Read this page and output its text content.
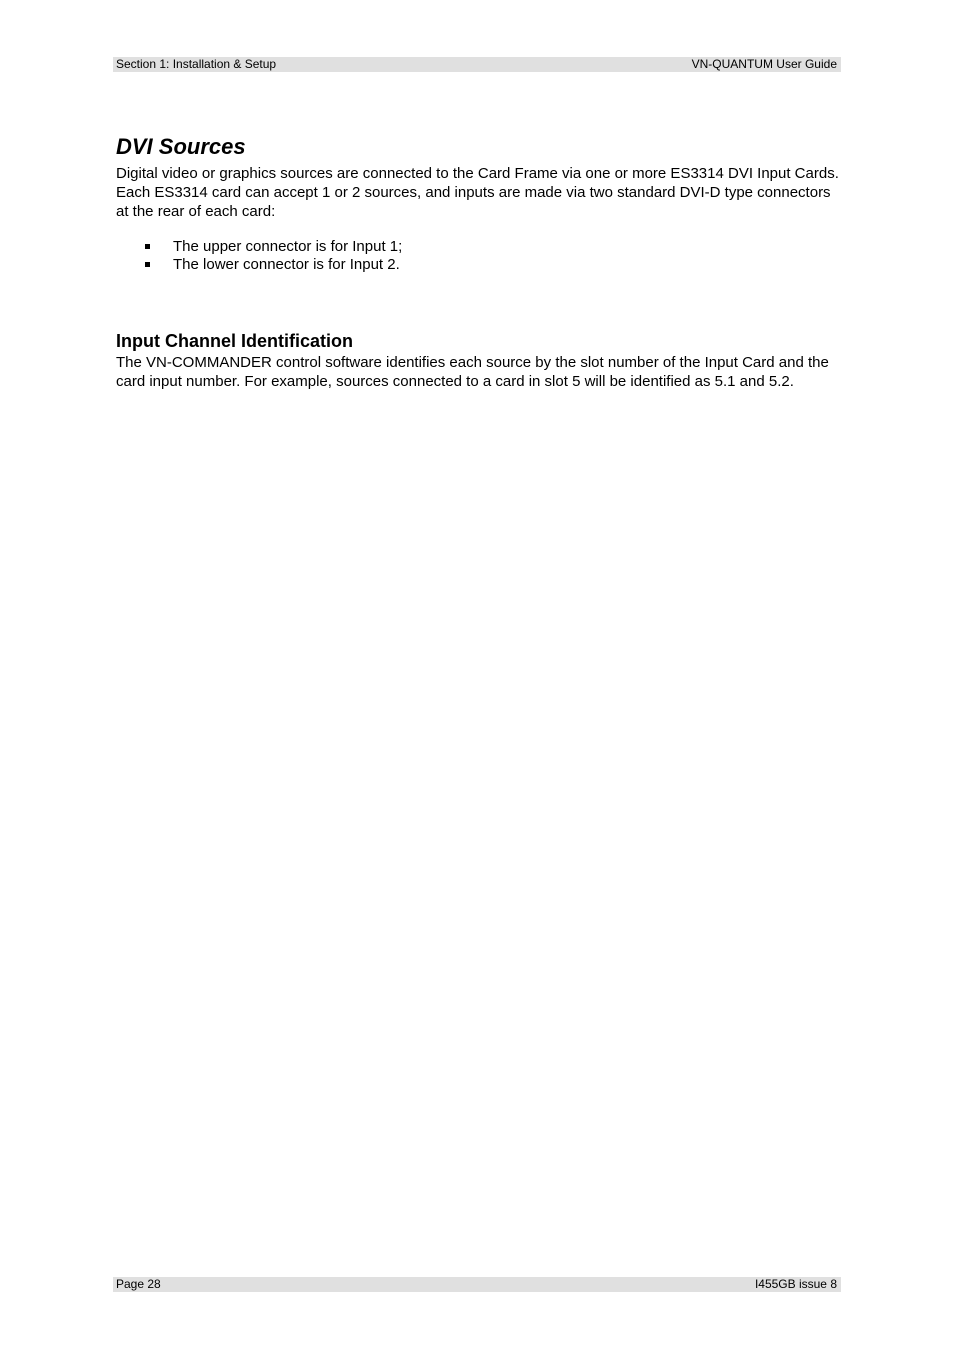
Section 1: Installation & Setup	VN-QUANTUM User Guide
DVI Sources

Digital video or graphics sources are connected to the Card Frame via one or more ES3314 DVI Input Cards. Each ES3314 card can accept 1 or 2 sources, and inputs are made via two standard DVI-D type connectors at the rear of each card:

The upper connector is for Input 1;
The lower connector is for Input 2.
Input Channel Identification

The VN-COMMANDER control software identifies each source by the slot number of the Input Card and the card input number. For example, sources connected to a card in slot 5 will be identified as 5.1 and 5.2.

Page 28	I455GB issue 8
